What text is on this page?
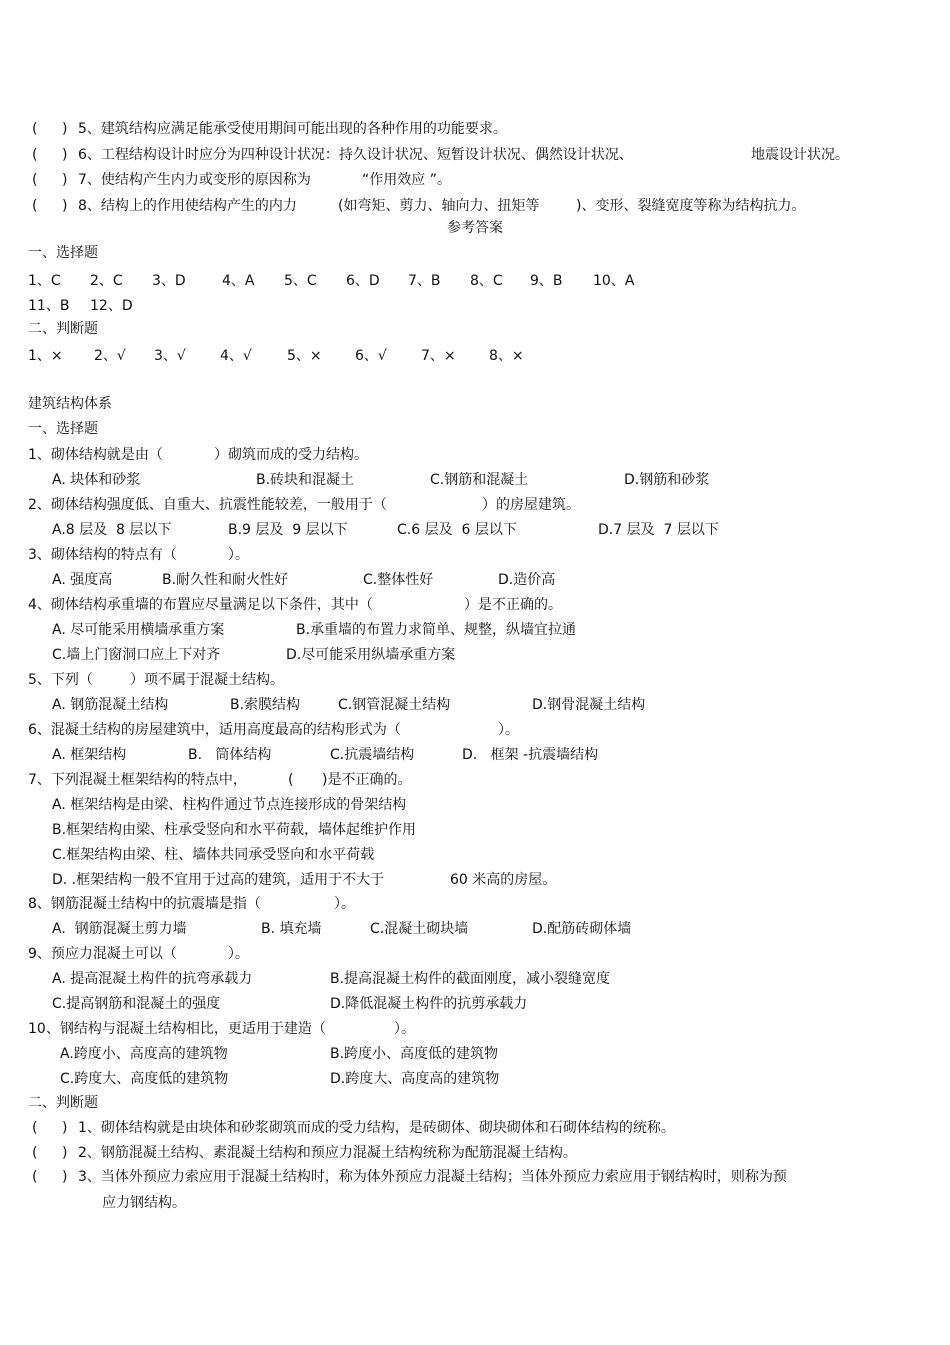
(

)

5、建筑结构应满足能承受使用期间可能出现的各种作用的功能要求。

(

)

6、工程结构设计时应分为四种设计状况：持久设计状况、短暂设计状况、偶然设计状况、

	地震设计状况。

(

)

7、使结构产生内力或变形的原因称为

	“作用效应 ”。

(

)

8、结构上的作用使结构产生的内力

	(如弯矩、剪力、轴向力、扭矩等

	)、变形、裂缝宽度等称为结构抗力。

参考答案
一、选择题

1、C

2、C

3、D

	4、A

5、C

6、D

7、B

8、C

9、B

10、A

11、B

12、D

二、判断题

1、×

2、√

3、√

4、√

	5、×

6、√

7、×

8、×

建筑结构体系
一、选择题

1、砌体结构就是由（

	）砌筑而成的受力结构。

A. 块体和砂浆

	B.砖块和混凝土

	C.钢筋和混凝土

	D.钢筋和砂浆

2、砌体结构强度低、自重大、抗震性能较差，一般用于（

	）的房屋建筑。

A.8 层及  8 层以下

	B.9 层及  9 层以下

	C.6 层及  6 层以下

	D.7 层及  7 层以下

3、砌体结构的特点有（

	）。

A. 强度高

	B.耐久性和耐火性好

	C.整体性好

	D.造价高

4、砌体结构承重墙的布置应尽量满足以下条件，其中（

	）是不正确的。

A. 尽可能采用横墙承重方案

	B.承重墙的布置力求简单、规整，纵墙宜拉通

C.墙上门窗洞口应上下对齐

	D.尽可能采用纵墙承重方案

5、下列（

	）项不属于混凝土结构。

A. 钢筋混凝土结构

	B.索膜结构

	C.钢管混凝土结构

	D.钢骨混凝土结构

6、混凝土结构的房屋建筑中，适用高度最高的结构形式为（

	）。

A. 框架结构

	B.   筒体结构

	C.抗震墙结构

	D.   框架 -抗震墙结构

7、下列混凝土框架结构的特点中，

	(

)是不正确的。

A. 框架结构是由梁、柱构件通过节点连接形成的骨架结构
B.框架结构由梁、柱承受竖向和水平荷载，墙体起维护作用
C.框架结构由梁、柱、墙体共同承受竖向和水平荷载

D. .框架结构一般不宜用于过高的建筑，适用于不大于

	60 米高的房屋。

8、钢筋混凝土结构中的抗震墙是指（

	）。

A.  钢筋混凝土剪力墙

	B. 填充墙

	C.混凝土砌块墙

	D.配筋砖砌体墙

9、预应力混凝土可以（

	）。

A. 提高混凝土构件的抗弯承载力

	B.提高混凝土构件的截面刚度，减小裂缝宽度

C.提高钢筋和混凝土的强度

	D.降低混凝土构件的抗剪承载力

10、钢结构与混凝土结构相比，更适用于建造（

	）。

A.跨度小、高度高的建筑物

	B.跨度小、高度低的建筑物

C.跨度大、高度低的建筑物

	D.跨度大、高度高的建筑物

二、判断题

(

)

1、砌体结构就是由块体和砂浆砌筑而成的受力结构，是砖砌体、砌块砌体和石砌体结构的统称。

(

)

2、钢筋混凝土结构、素混凝土结构和预应力混凝土结构统称为配筋混凝土结构。

(

)

3、当体外预应力索应用于混凝土结构时，称为体外预应力混凝土结构；当体外预应力索应用于钢结构时，则称为预

应力钢结构。
